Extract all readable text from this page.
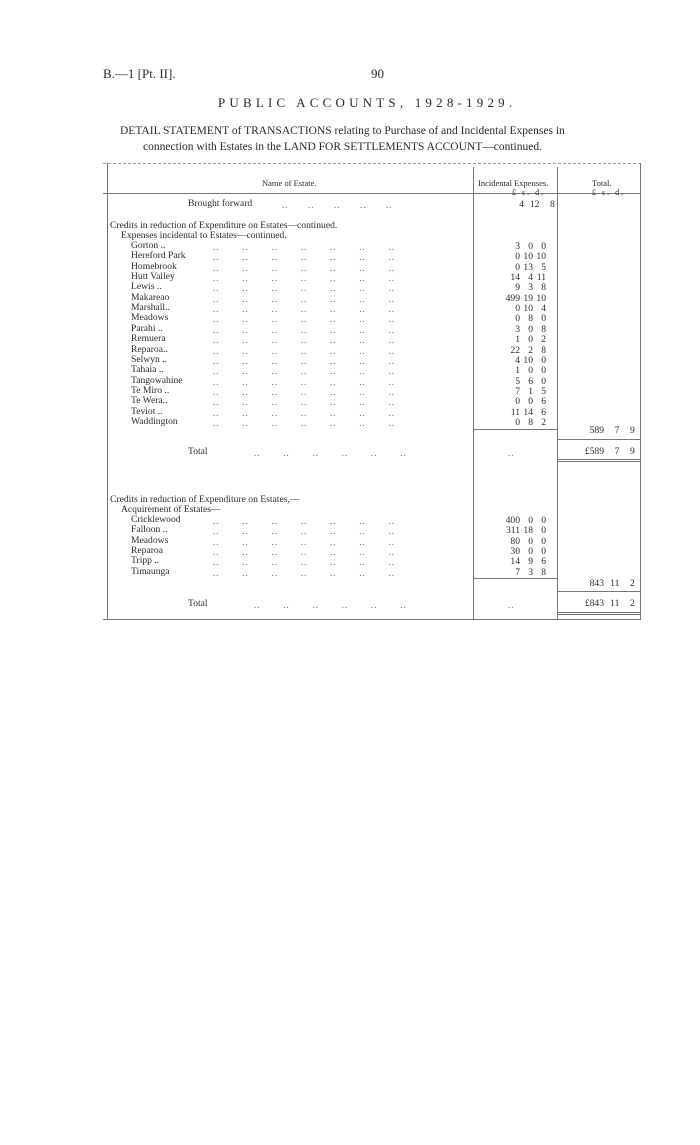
B.—1 [Pt. II].	90
PUBLIC ACCOUNTS, 1928-1929.
DETAIL STATEMENT of TRANSACTIONS relating to Purchase of and Incidental Expenses in
connection with Estates in the LAND FOR SETTLEMENTS ACCOUNT—continued.
Name of Estate.	Incidental Expenses.	Total.
£ s. d.	£ s. d.
Brought forward	..      ..      ..      ..      ..	4 12 8
Credits in reduction of Expenditure on Estates—continued.
Expenses incidental to Estates—continued.
Gorton ..	..       ..       ..       ..       ..       ..       ..	3 0 0
Hereford Park	..       ..       ..       ..       ..       ..       ..	0 10 10
Homebrook	..       ..       ..       ..       ..       ..       ..	0 13 5
Hutt Valley	..       ..       ..       ..       ..       ..       ..	14 4 11
Lewis ..	..       ..       ..       ..       ..       ..       ..	9 3 8
Makareao	..       ..       ..       ..       ..       ..       ..	499 19 10
Marshall..	..       ..       ..       ..       ..       ..       ..	0 10 4
Meadows	..       ..       ..       ..       ..       ..       ..	0 8 0
Parahi ..	..       ..       ..       ..       ..       ..       ..	3 0 8
Remuera	..       ..       ..       ..       ..       ..       ..	1 0 2
Reparoa..	..       ..       ..       ..       ..       ..       ..	22 2 8
Selwyn ..	..       ..       ..       ..       ..       ..       ..	4 10 0
Tahaia ..	..       ..       ..       ..       ..       ..       ..	1 0 0
Tangowahine	..       ..       ..       ..       ..       ..       ..	5 6 0
Te Miro ..	..       ..       ..       ..       ..       ..       ..	7 1 5
Te Wera..	..       ..       ..       ..       ..       ..       ..	0 0 6
Teviot ..	..       ..       ..       ..       ..       ..       ..	11 14 6
Waddington	..       ..       ..       ..       ..       ..       ..	0 8 2
589 7 9
Total	..       ..       ..       ..       ..       ..	..	£589 7 9
Credits in reduction of Expenditure on Estates,—
Acquirement of Estates—
Cricklewood	..       ..       ..       ..       ..       ..       ..	400 0 0
Falloon ..	..       ..       ..       ..       ..       ..       ..	311 18 0
Meadows	..       ..       ..       ..       ..       ..       ..	80 0 0
Reparoa	..       ..       ..       ..       ..       ..       ..	30 0 0
Tripp ..	..       ..       ..       ..       ..       ..       ..	14 9 6
Timaunga	..       ..       ..       ..       ..       ..       ..	7 3 8
843 11 2
Total	..       ..       ..       ..       ..       ..	..	£843 11 2
